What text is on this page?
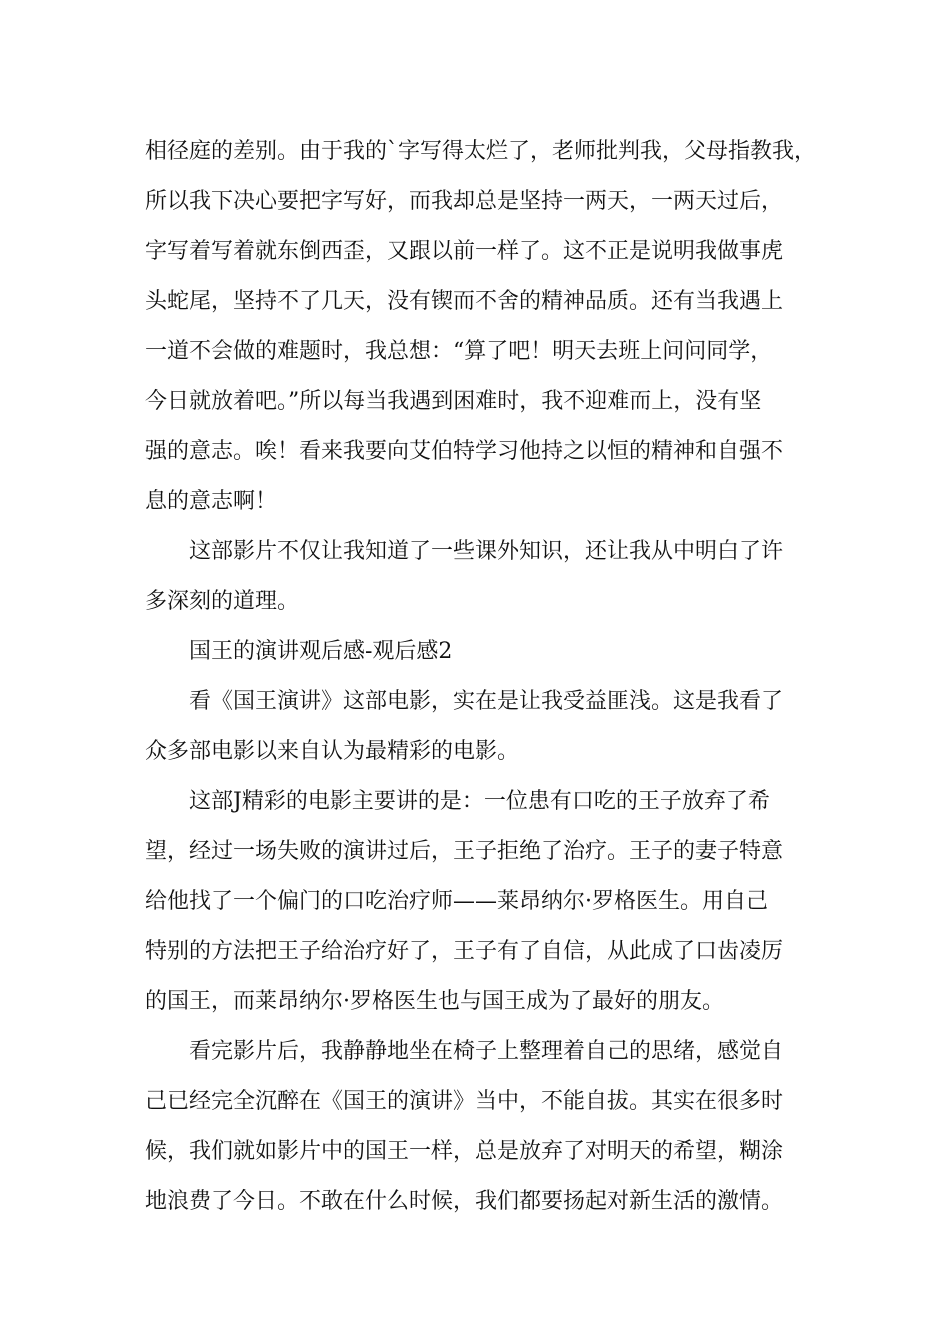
相径庭的差别。由于我的`字写得太烂了，老师批判我，父母指教我，
所以我下决心要把字写好，而我却总是坚持一两天，一两天过后，
字写着写着就东倒西歪，又跟以前一样了。这不正是说明我做事虎
头蛇尾，坚持不了几天，没有锲而不舍的精神品质。还有当我遇上
一道不会做的难题时，我总想：“算了吧！明天去班上问问同学，
今日就放着吧。”所以每当我遇到困难时，我不迎难而上，没有坚
强的意志。唉！看来我要向艾伯特学习他持之以恒的精神和自强不
息的意志啊！
这部影片不仅让我知道了一些课外知识，还让我从中明白了许
多深刻的道理。
国王的演讲观后感-观后感2
看《国王演讲》这部电影，实在是让我受益匪浅。这是我看了
众多部电影以来自认为最精彩的电影。
这部J精彩的电影主要讲的是：一位患有口吃的王子放弃了希
望，经过一场失败的演讲过后，王子拒绝了治疗。王子的妻子特意
给他找了一个偏门的口吃治疗师——莱昂纳尔·罗格医生。用自己
特别的方法把王子给治疗好了，王子有了自信，从此成了口齿凌厉
的国王，而莱昂纳尔·罗格医生也与国王成为了最好的朋友。
看完影片后，我静静地坐在椅子上整理着自己的思绪，感觉自
己已经完全沉醉在《国王的演讲》当中，不能自拔。其实在很多时
候，我们就如影片中的国王一样，总是放弃了对明天的希望，糊涂
地浪费了今日。不敢在什么时候，我们都要扬起对新生活的激情。
